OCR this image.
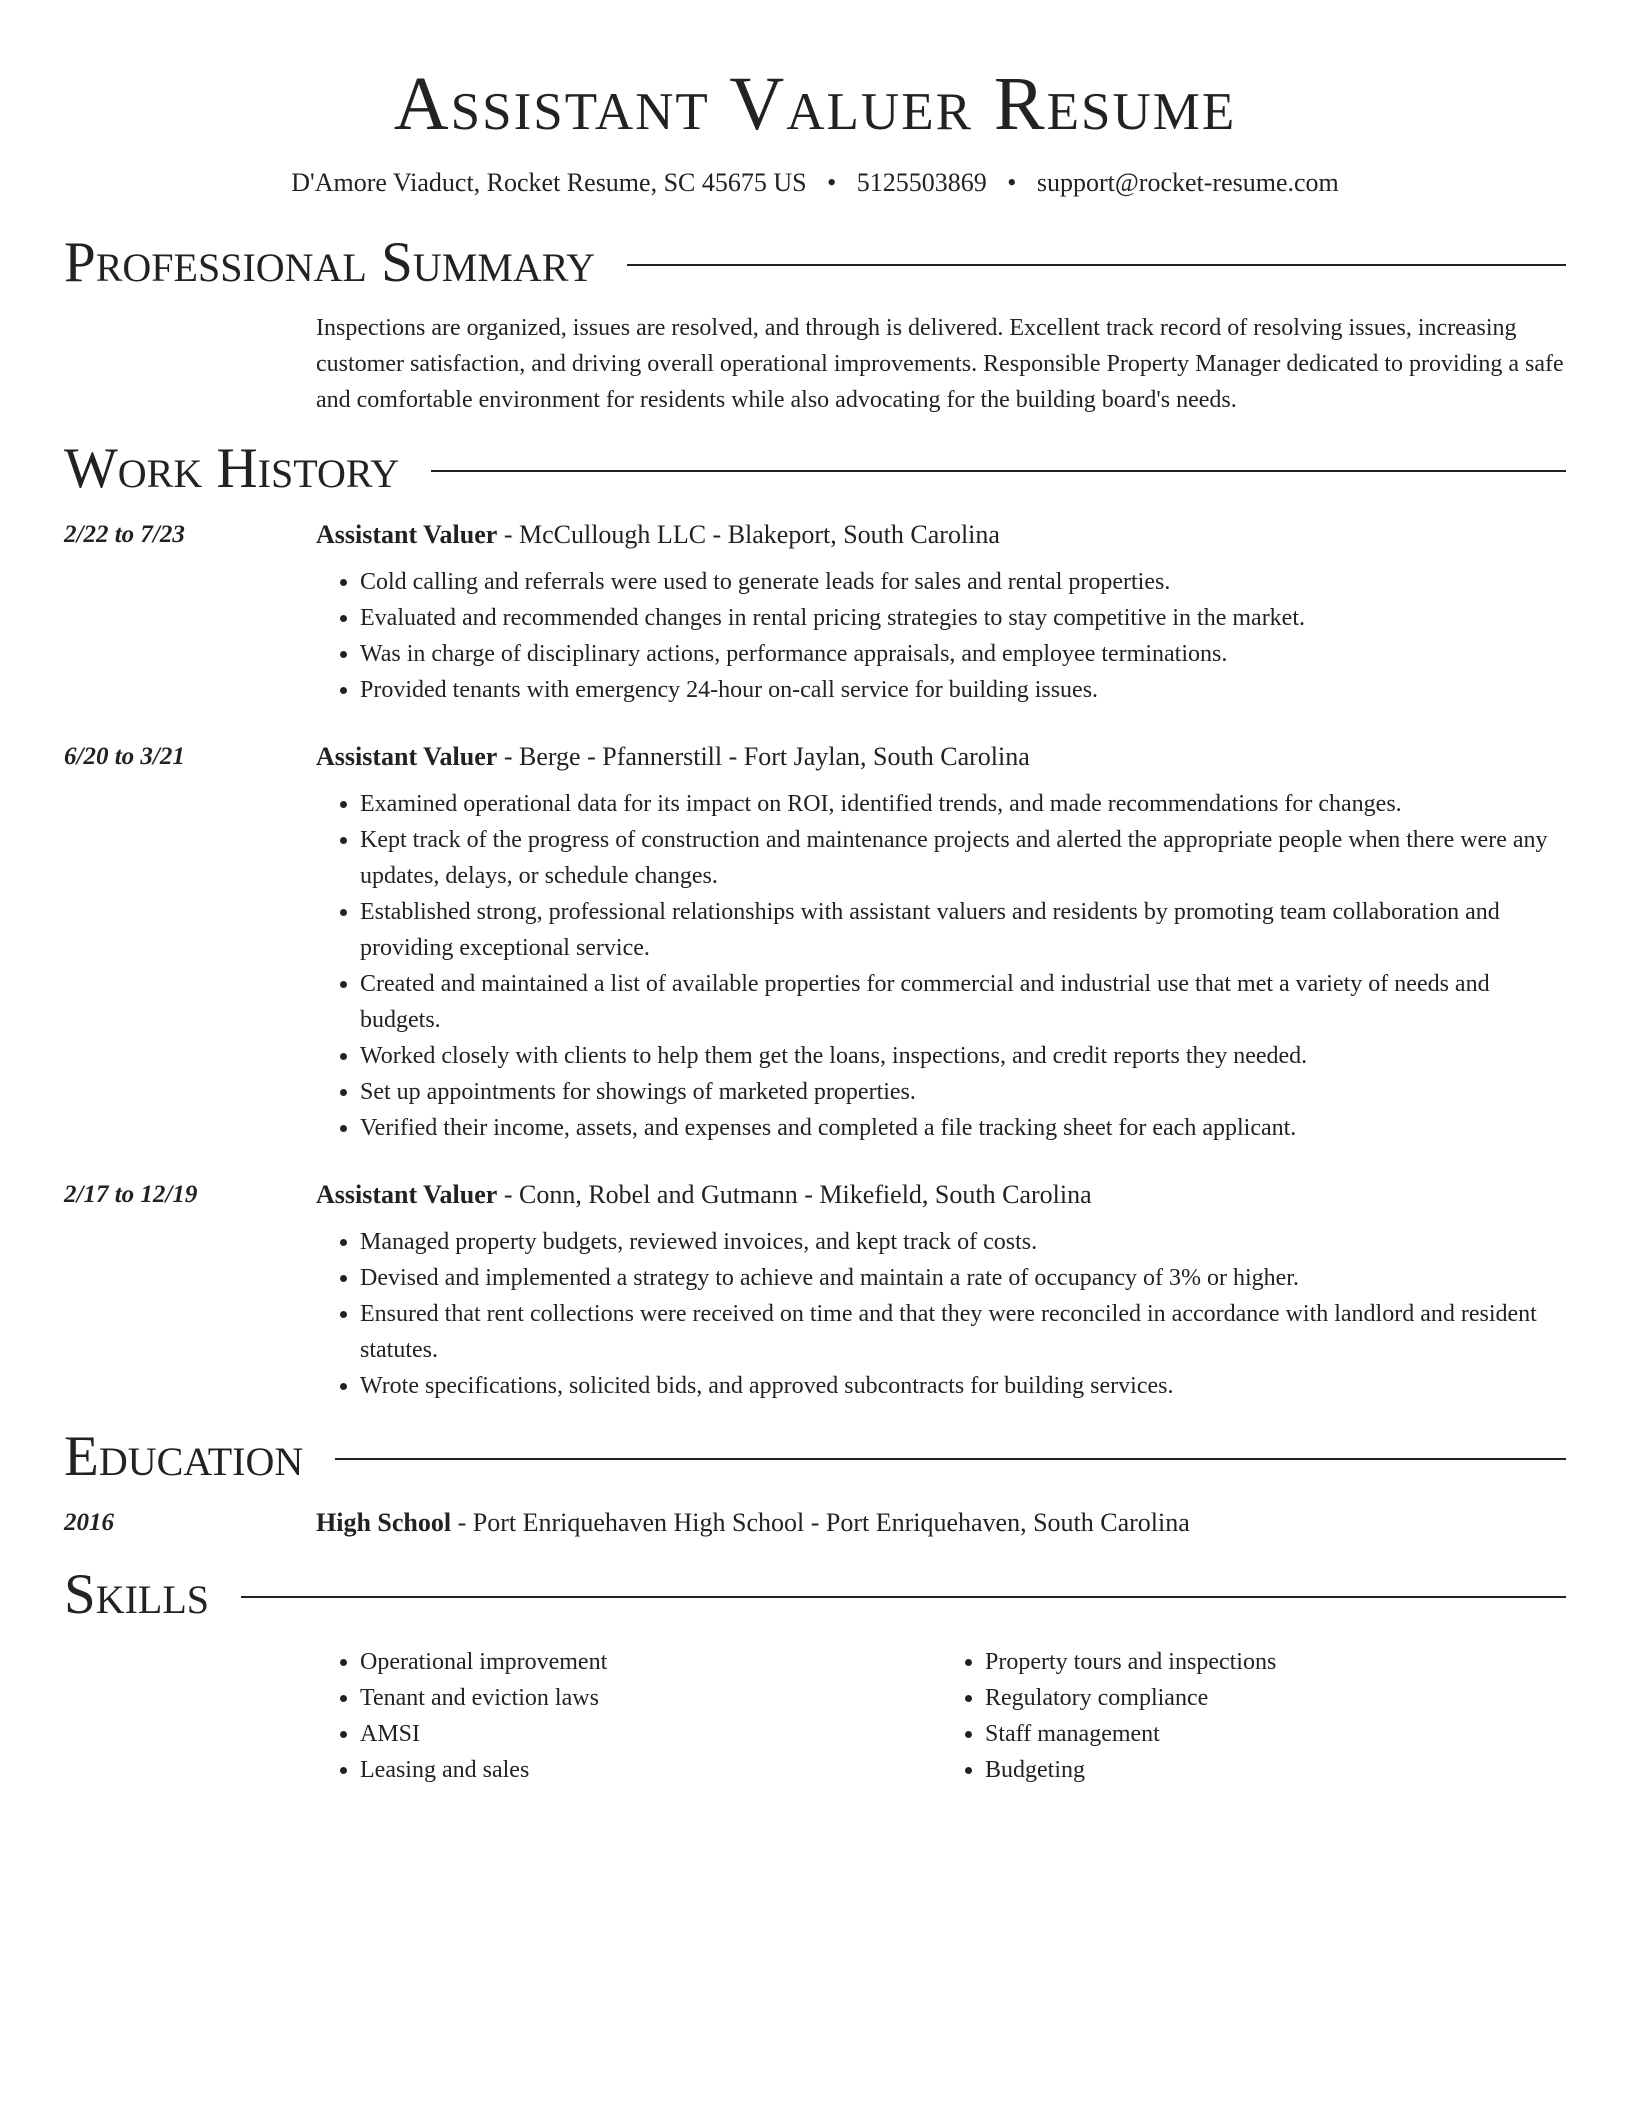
Assistant Valuer Resume
D'Amore Viaduct, Rocket Resume, SC 45675 US • 5125503869 • support@rocket-resume.com
Professional Summary

Inspections are organized, issues are resolved, and through is delivered. Excellent track record of resolving issues, increasing customer satisfaction, and driving overall operational improvements. Responsible Property Manager dedicated to providing a safe and comfortable environment for residents while also advocating for the building board's needs.

Work History
2/22 to 7/23	Assistant Valuer - McCullough LLC - Blakeport, South Carolina
• Cold calling and referrals were used to generate leads for sales and rental properties.
• Evaluated and recommended changes in rental pricing strategies to stay competitive in the market.
• Was in charge of disciplinary actions, performance appraisals, and employee terminations.
• Provided tenants with emergency 24-hour on-call service for building issues.
6/20 to 3/21	Assistant Valuer - Berge - Pfannerstill - Fort Jaylan, South Carolina
• Examined operational data for its impact on ROI, identified trends, and made recommendations for changes.
• Kept track of the progress of construction and maintenance projects and alerted the appropriate people when there were any updates, delays, or schedule changes.
• Established strong, professional relationships with assistant valuers and residents by promoting team collaboration and providing exceptional service.
• Created and maintained a list of available properties for commercial and industrial use that met a variety of needs and budgets.
• Worked closely with clients to help them get the loans, inspections, and credit reports they needed.
• Set up appointments for showings of marketed properties.
• Verified their income, assets, and expenses and completed a file tracking sheet for each applicant.
2/17 to 12/19	Assistant Valuer - Conn, Robel and Gutmann - Mikefield, South Carolina
• Managed property budgets, reviewed invoices, and kept track of costs.
• Devised and implemented a strategy to achieve and maintain a rate of occupancy of 3% or higher.
• Ensured that rent collections were received on time and that they were reconciled in accordance with landlord and resident statutes.
• Wrote specifications, solicited bids, and approved subcontracts for building services.
Education
2016	High School - Port Enriquehaven High School - Port Enriquehaven, South Carolina
Skills
• Operational improvement
• Tenant and eviction laws
• AMSI
• Leasing and sales
• Property tours and inspections
• Regulatory compliance
• Staff management
• Budgeting
